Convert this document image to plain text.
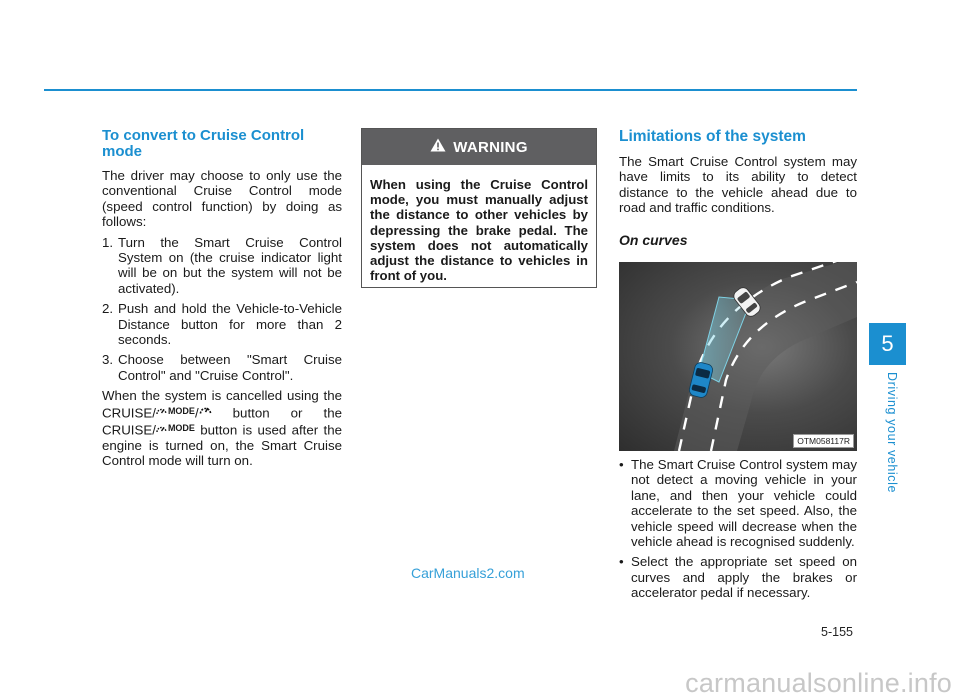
To convert to Cruise Control mode

The driver may choose to only use the conventional Cruise Control mode (speed control function) by doing as follows:

1. Turn the Smart Cruise Control System on (the cruise indicator light will be on but the system will not be activated).
2. Push and hold the Vehicle-to-Vehicle Distance button for more than 2 seconds.
3. Choose between "Smart Cruise Control" and "Cruise Control".

When the system is cancelled using the CRUISE/ MODE /
button or the CRUISE/ MODE button is used after the engine is turned on, the Smart Cruise Control mode will turn on.

WARNING
When using the Cruise Control mode, you must manually adjust the distance to other vehicles by depressing the brake pedal. The system does not automatically adjust the distance to vehicles in front of you.
Limitations of the system

The Smart Cruise Control system may have limits to its ability to detect distance to the vehicle ahead due to road and traffic conditions.

On curves

OTM058117R
• The Smart Cruise Control system may not detect a moving vehicle in your lane, and then your vehicle could accelerate to the set speed. Also, the vehicle speed will decrease when the vehicle ahead is recognised suddenly.
• Select the appropriate set speed on curves and apply the brakes or accelerator pedal if necessary.
5
Driving your vehicle
5-155
CarManuals2.com
carmanualsonline.info
